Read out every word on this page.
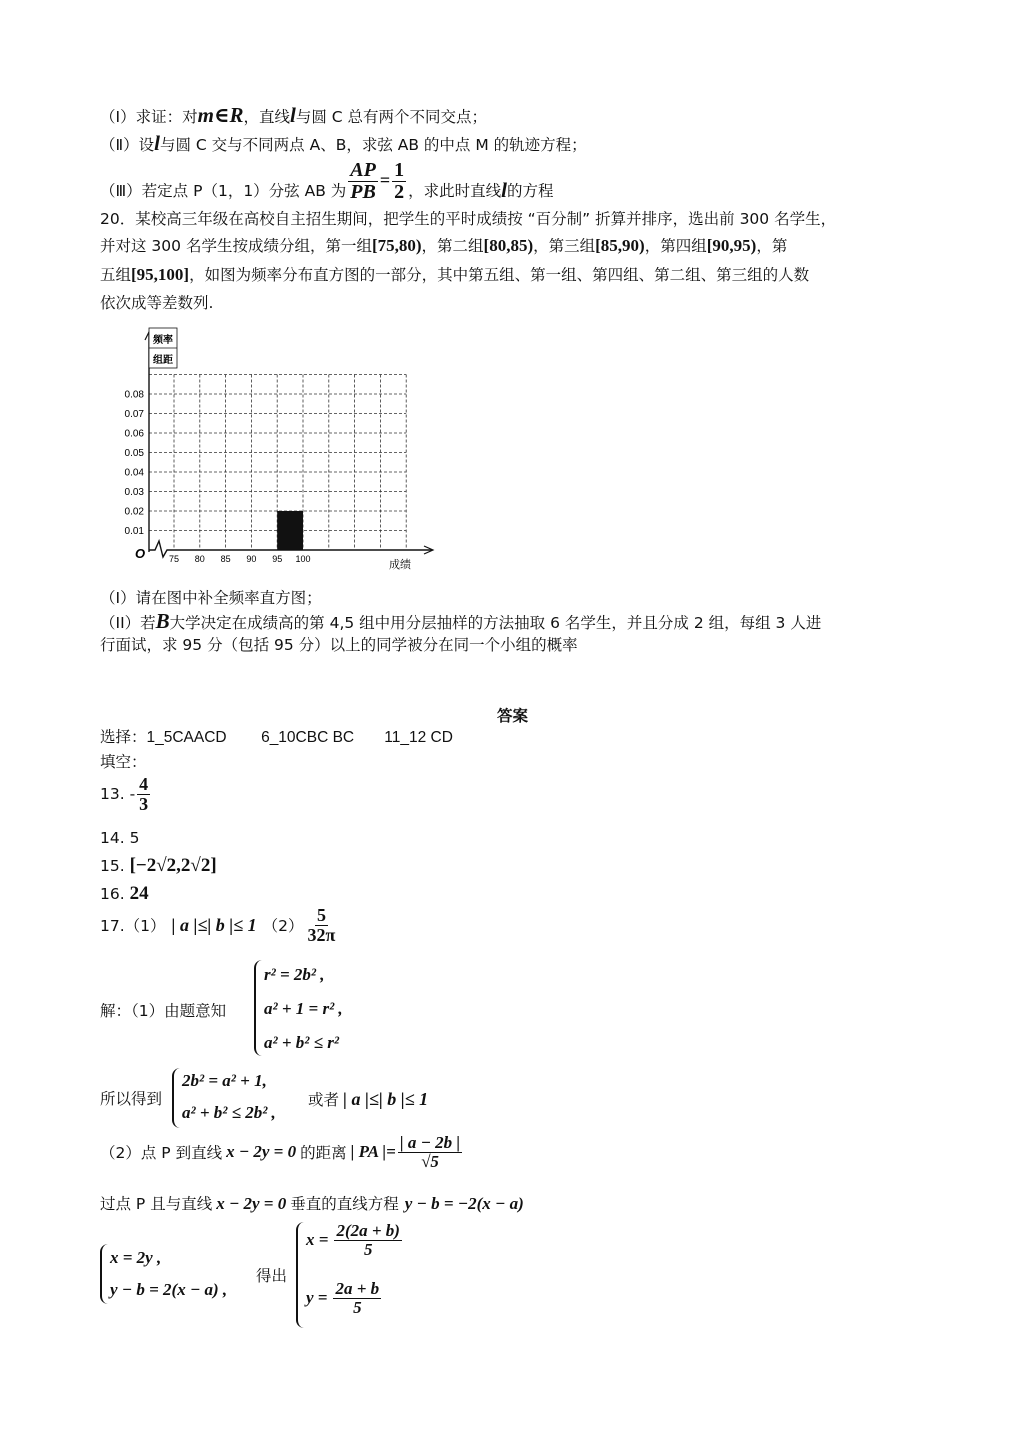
（Ⅰ）求证：对m∈R，直线l与圆 C 总有两个不同交点；
（Ⅱ）设l与圆 C 交与不同两点 A、B，求弦 AB 的中点 M 的轨迹方程；
（Ⅲ）若定点 P（1，1）分弦 AB 为 $\frac{AP}{PB} = \frac{1}{2}$ ，求此时直线 l 的方程
20．某校高三年级在高校自主招生期间，把学生的平时成绩按 “百分制” 折算并排序，选出前 300 名学生，
并对这 300 名学生按成绩分组，第一组[75,80)，第二组[80,85)，第三组[85,90)，第四组[90,95)，第
五组[95,100]，如图为频率分布直方图的一部分，其中第五组、第一组、第四组、第二组、第三组的人数
依次成等差数列.
0.01
0.02
0.03
0.04
0.05
0.06
0.07
0.08
75 80 85 90 95 100
频率
组距
成绩
O
（I）请在图中补全频率直方图；
（II）若B大学决定在成绩高的第 4,5 组中用分层抽样的方法抽取 6 名学生，并且分成 2 组，每组 3 人进
行面试，求 95 分（包括 95 分）以上的同学被分在同一个小组的概率
答案
选择：1_5CAACD        6_10CBC BC       11_12 CD
填空：
13. - $\frac{4}{3}$
14. 5
15. [−2√2,2√2]
16. 24
17.（1） | a |≤| b |≤ 1 $(2) \frac{5}{32\pi}$
解：（1）由题意知
r² = 2b² ,
a² + 1 = r² ,
a² + b² ≤ r²
所以得到
2b² = a² + 1,
a² + b² ≤ 2b² ,
或者 | a |≤| b |≤ 1
（2）点 P 到直线 x − 2y = 0 的距离 | PA |= $\frac{| a - 2b |}{√5}$
过点 P 且与直线 x − 2y = 0 垂直的直线方程 y − b = −2(x − a)
x = 2y ,
y − b = 2(x − a) ,
得出
$x = \frac{2(2a + b)}{5}$
$y = \frac{2a + b}{5}$
